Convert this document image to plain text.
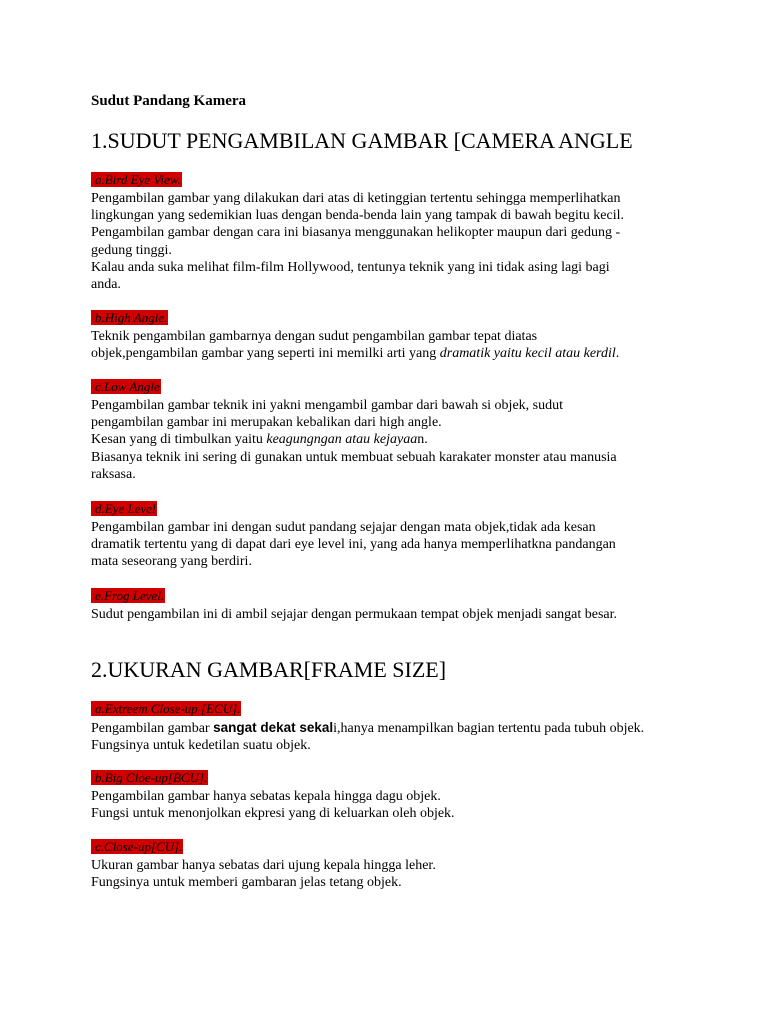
Sudut Pandang Kamera
1.SUDUT PENGAMBILAN GAMBAR [CAMERA ANGLE
a.Bird Eye View.

Pengambilan gambar yang dilakukan dari atas di ketinggian tertentu sehingga memperlihatkan

lingkungan yang sedemikian luas dengan benda-benda lain yang tampak di bawah begitu kecil.

Pengambilan gambar dengan cara ini biasanya menggunakan helikopter maupun dari gedung -

gedung tinggi.

Kalau anda suka melihat film-film Hollywood, tentunya teknik yang ini tidak asing lagi bagi

anda.

b.High Angle.

Teknik pengambilan gambarnya dengan sudut pengambilan gambar tepat diatas

objek,pengambilan gambar yang seperti ini memilki arti yang dramatik yaitu kecil atau kerdil.

c.Low Angle

Pengambilan gambar teknik ini yakni mengambil gambar dari bawah si objek, sudut

pengambilan gambar ini merupakan kebalikan dari high angle.

Kesan yang di timbulkan yaitu keagungngan atau kejayaan.

Biasanya teknik ini sering di gunakan untuk membuat sebuah karakater monster atau manusia

raksasa.

d.Eye Level

Pengambilan gambar ini dengan sudut pandang sejajar dengan mata objek,tidak ada kesan

dramatik tertentu yang di dapat dari eye level ini, yang ada hanya memperlihatkna pandangan

mata seseorang yang berdiri.

e.Frog Level.

Sudut pengambilan ini di ambil sejajar dengan permukaan tempat objek menjadi sangat besar.

2.UKURAN GAMBAR[FRAME SIZE]
a.Extreem Close-up [ECU].

Pengambilan gambar sangat dekat sekali,hanya menampilkan bagian tertentu pada tubuh objek.

Fungsinya untuk kedetilan suatu objek.

b.Big Cloe-up[BCU].

Pengambilan gambar hanya sebatas kepala hingga dagu objek.

Fungsi untuk menonjolkan ekpresi yang di keluarkan oleh objek.

c.Close-up[CU].

Ukuran gambar hanya sebatas dari ujung kepala hingga leher.

Fungsinya untuk memberi gambaran jelas tetang objek.
